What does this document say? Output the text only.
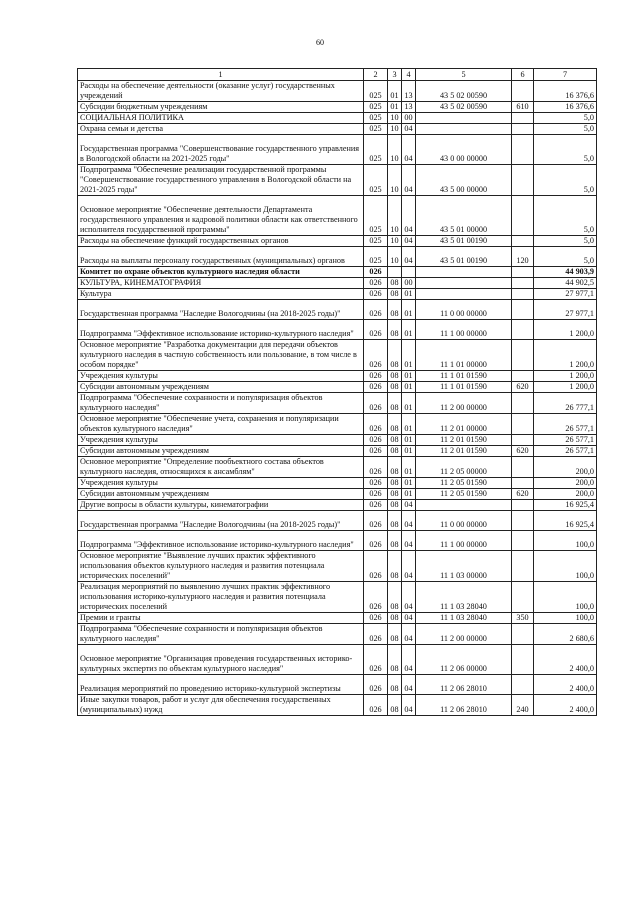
60
1	2	3	4	5	6	7
Расходы на обеспечение деятельности (оказание услуг) государственных учреждений	025	01	13	43 5 02 00590		16 376,6
Субсидии бюджетным учреждениям	025	01	13	43 5 02 00590	610	16 376,6
СОЦИАЛЬНАЯ ПОЛИТИКА	025	10	00			5,0
Охрана семьи и детства	025	10	04			5,0
Государственная программа "Совершенствование государственного управления в Вологодской области на 2021-2025 годы"	025	10	04	43 0 00 00000		5,0
Подпрограмма "Обеспечение реализации государственной программы "Совершенствование государственного управления в Вологодской области на 2021-2025 годы"	025	10	04	43 5 00 00000		5,0
Основное мероприятие "Обеспечение деятельности Департамента государственного управления и кадровой политики области как ответственного исполнителя государственной программы"	025	10	04	43 5 01 00000		5,0
Расходы на обеспечение функций государственных органов	025	10	04	43 5 01 00190		5,0
Расходы на выплаты персоналу государственных (муниципальных) органов	025	10	04	43 5 01 00190	120	5,0
Комитет по охране объектов культурного наследия области	026					44 903,9
КУЛЬТУРА, КИНЕМАТОГРАФИЯ	026	08	00			44 902,5
Культура	026	08	01			27 977,1
Государственная программа "Наследие Вологодчины (на 2018-2025 годы)"	026	08	01	11 0 00 00000		27 977,1
Подпрограмма "Эффективное использование историко-культурного наследия"	026	08	01	11 1 00 00000		1 200,0
Основное мероприятие "Разработка документации для передачи объектов культурного наследия в частную собственность или пользование, в том числе в особом порядке"	026	08	01	11 1 01 00000		1 200,0
Учреждения культуры	026	08	01	11 1 01 01590		1 200,0
Субсидии автономным учреждениям	026	08	01	11 1 01 01590	620	1 200,0
Подпрограмма "Обеспечение сохранности и популяризация объектов культурного наследия"	026	08	01	11 2 00 00000		26 777,1
Основное мероприятие "Обеспечение учета, сохранения и популяризации объектов культурного наследия"	026	08	01	11 2 01 00000		26 577,1
Учреждения культуры	026	08	01	11 2 01 01590		26 577,1
Субсидии автономным учреждениям	026	08	01	11 2 01 01590	620	26 577,1
Основное мероприятие "Определение пообъектного состава объектов культурного наследия, относящихся к ансамблям"	026	08	01	11 2 05 00000		200,0
Учреждения культуры	026	08	01	11 2 05 01590		200,0
Субсидии автономным учреждениям	026	08	01	11 2 05 01590	620	200,0
Другие вопросы в области культуры, кинематографии	026	08	04			16 925,4
Государственная программа "Наследие Вологодчины (на 2018-2025 годы)"	026	08	04	11 0 00 00000		16 925,4
Подпрограмма "Эффективное использование историко-культурного наследия"	026	08	04	11 1 00 00000		100,0
Основное мероприятие "Выявление лучших практик эффективного использования объектов культурного наследия и развития потенциала исторических поселений"	026	08	04	11 1 03 00000		100,0
Реализация мероприятий по выявлению лучших практик эффективного использования историко-культурного наследия и развития потенциала исторических поселений	026	08	04	11 1 03 28040		100,0
Премии и гранты	026	08	04	11 1 03 28040	350	100,0
Подпрограмма "Обеспечение сохранности и популяризация объектов культурного наследия"	026	08	04	11 2 00 00000		2 680,6
Основное мероприятие "Организация проведения государственных историко-культурных экспертиз по объектам культурного наследия"	026	08	04	11 2 06 00000		2 400,0
Реализация мероприятий по проведению историко-культурной экспертизы	026	08	04	11 2 06 28010		2 400,0
Иные закупки товаров, работ и услуг для обеспечения государственных (муниципальных) нужд	026	08	04	11 2 06 28010	240	2 400,0
